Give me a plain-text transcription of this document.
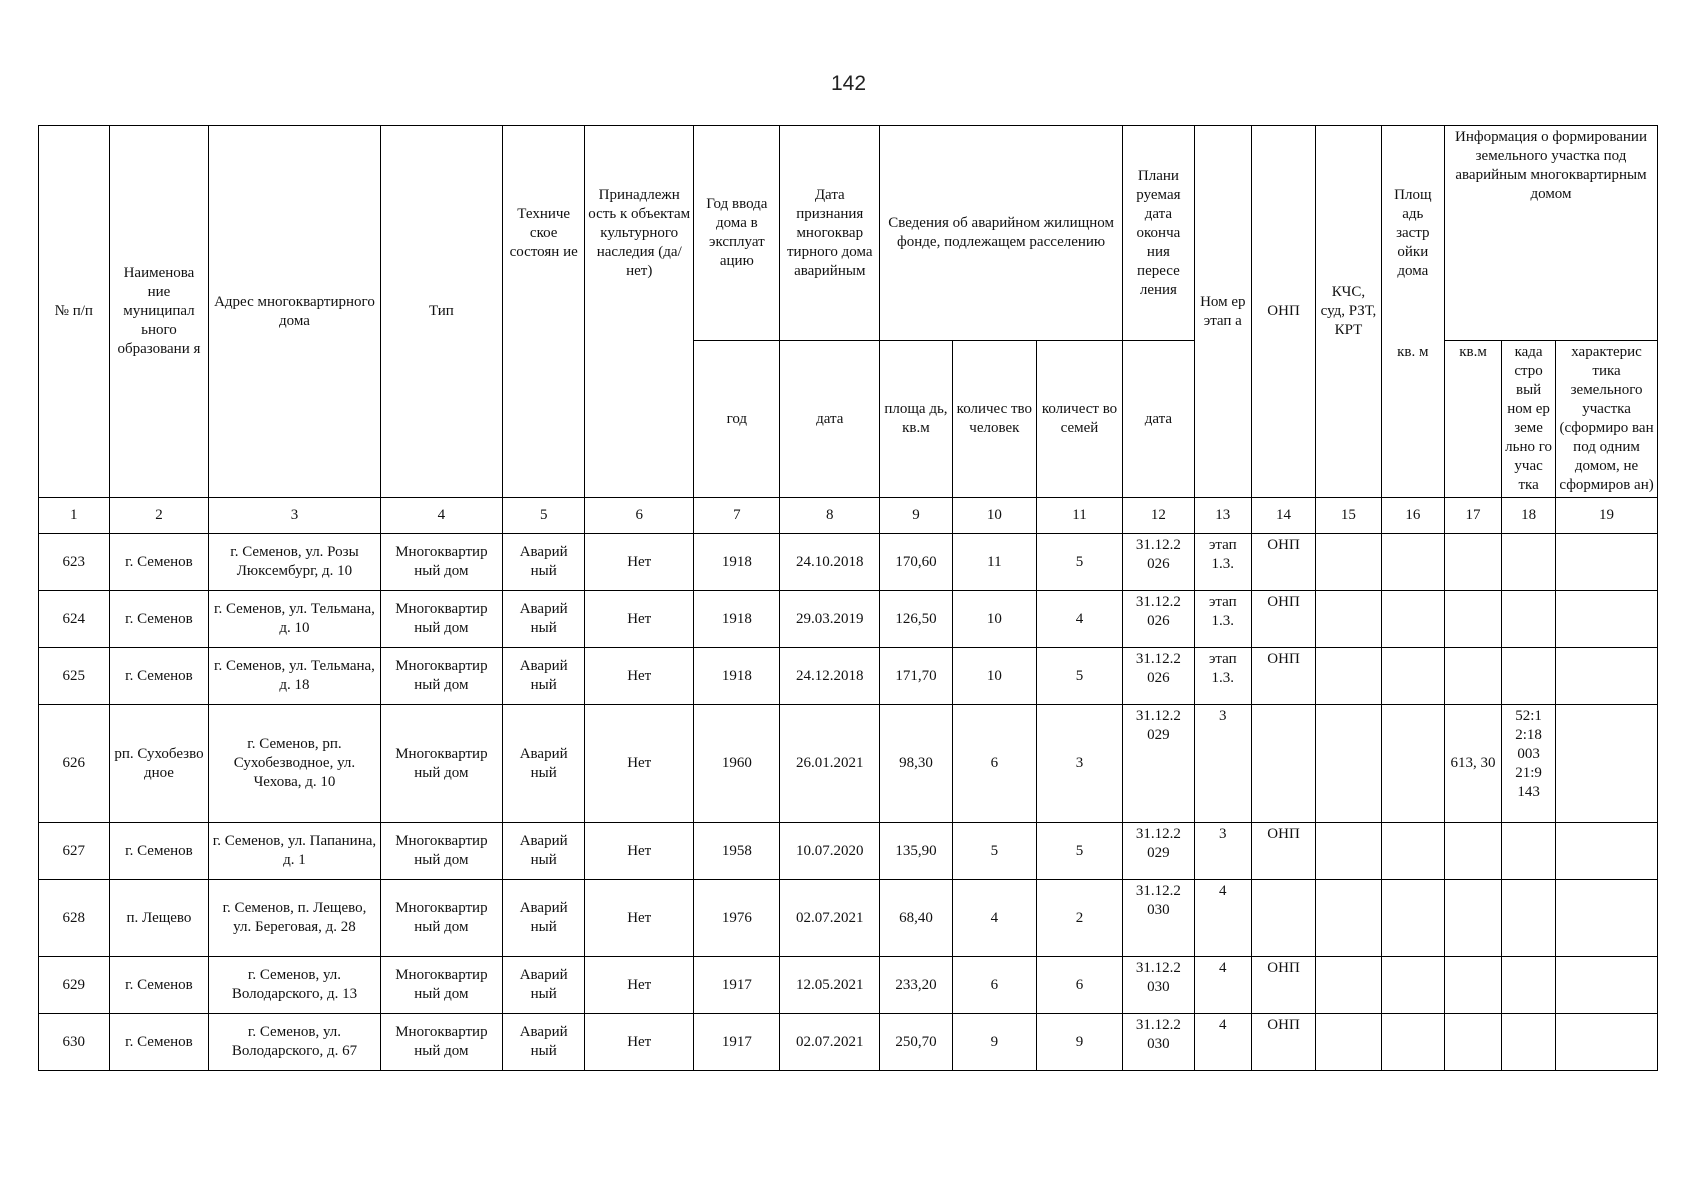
142
№ п/п	Наименова ние муниципал ьного образовани я	Адрес многоквартирного дома	Тип	Техниче ское состоян ие	Принадлежн ость к объектам культурного наследия (да/нет)	Год ввода дома в эксплуат ацию	Дата признания многоквар тирного дома аварийным	Сведения об аварийном жилищном фонде, подлежащем расселению			Плани руемая дата оконча ния пересе ления	Ном ер этап а	ОНП	КЧС, суд, РЗТ, КРТ	Площ адь застр ойки дома	Информация о формировании земельного участка под аварийным многоквартирным домом		
						год	дата	площа дь, кв.м	количес тво человек	количест во семей	дата				кв. м	кв.м	када стро вый ном ер земе льно го учас тка	характерис тика земельного участка (сформиро ван под одним домом, не сформиров ан)
1	2	3	4	5	6	7	8	9	10	11	12	13	14	15	16	17	18	19
623	г. Семенов	г. Семенов, ул. Розы Люксембург, д. 10	Многоквартир ный дом	Аварий ный	Нет	1918	24.10.2018	170,60	11	5	31.12.2 026	этап 1.3.	ОНП					
624	г. Семенов	г. Семенов, ул. Тельмана, д. 10	Многоквартир ный дом	Аварий ный	Нет	1918	29.03.2019	126,50	10	4	31.12.2 026	этап 1.3.	ОНП					
625	г. Семенов	г. Семенов, ул. Тельмана, д. 18	Многоквартир ный дом	Аварий ный	Нет	1918	24.12.2018	171,70	10	5	31.12.2 026	этап 1.3.	ОНП					
626	рп. Сухобезво дное	г. Семенов, рп. Сухобезводное, ул. Чехова, д. 10	Многоквартир ный дом	Аварий ный	Нет	1960	26.01.2021	98,30	6	3	31.12.2 029	3				613, 30	52:1 2:18 003 21:9 143	
627	г. Семенов	г. Семенов, ул. Папанина, д. 1	Многоквартир ный дом	Аварий ный	Нет	1958	10.07.2020	135,90	5	5	31.12.2 029	3	ОНП					
628	п. Лещево	г. Семенов, п. Лещево, ул. Береговая, д. 28	Многоквартир ный дом	Аварий ный	Нет	1976	02.07.2021	68,40	4	2	31.12.2 030	4						
629	г. Семенов	г. Семенов, ул. Володарского, д. 13	Многоквартир ный дом	Аварий ный	Нет	1917	12.05.2021	233,20	6	6	31.12.2 030	4	ОНП					
630	г. Семенов	г. Семенов, ул. Володарского, д. 67	Многоквартир ный дом	Аварий ный	Нет	1917	02.07.2021	250,70	9	9	31.12.2 030	4	ОНП					
